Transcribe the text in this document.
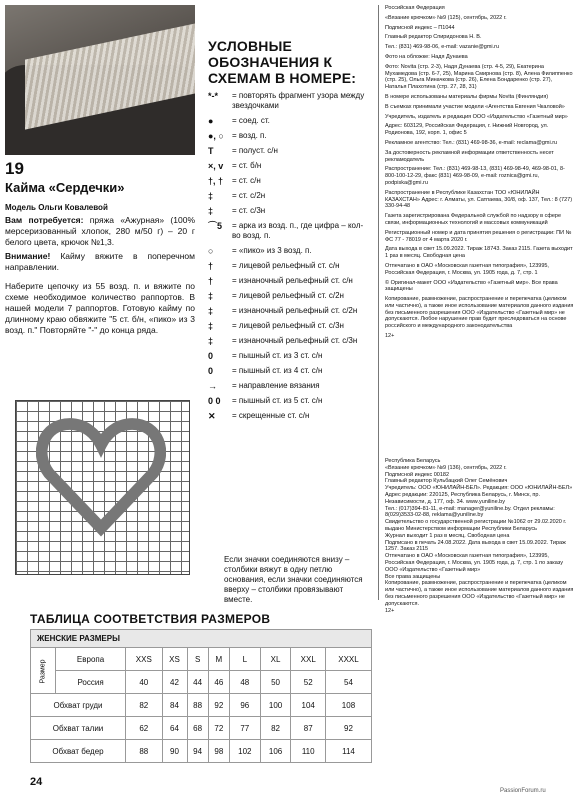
19
Кайма «Сердечки»
Модель Ольги Ковалевой
Вам потребуется: пряжа «Ажурная» (100% мерсеризованный хлопок, 280 м/50 г) – 20 г белого цвета, крючок №1,3.
Внимание! Кайму вяжите в поперечном направлении.
Наберите цепочку из 55 возд. п. и вяжите по схеме необходимое количество раппортов. В нашей модели 7 раппортов. Готовую кайму по длинному краю обвяжите "5 ст. б/н, «пико» из 3 возд. п." Повторяйте "-" до конца ряда.
УСЛОВНЫЕ ОБОЗНАЧЕНИЯ К СХЕМАМ В НОМЕРЕ:
*-*	= повторять фрагмент узора между звездочками
●	= соед. ст.
●, ○	= возд. п.
T	= полуст. с/н
×, v	= ст. б/н
†, †	= ст. с/н
‡	= ст. с/2н
‡	= ст. с/3н
⌒5	= арка из возд. п., где цифра – кол-во возд. п.
○	= «пико» из 3 возд. п.
†	= лицевой рельефный ст. с/н
†	= изнаночный рельефный ст. с/н
‡	= лицевой рельефный ст. с/2н
‡	= изнаночный рельефный ст. с/2н
‡	= лицевой рельефный ст. с/3н
‡	= изнаночный рельефный ст. с/3н
0	= пышный ст. из 3 ст. с/н
0	= пышный ст. из 4 ст. с/н
→	= направление вязания
0 0	= пышный ст. из 5 ст. с/н
✕	= скрещенные ст. с/н
Если значки соединяются внизу – столбики вяжут в одну петлю основания, если значки соединяются вверху – столбики провязывают вместе.
Российская Федерация
«Вязание крючком» №9 (125), сентябрь, 2022 г.
Подписной индекс – П1044
Главный редактор Спиридонова Н. В.
Тел.: (831) 469-98-06, e-mail: vazanie@gmi.ru
Фото на обложке: Надя Дунаева
Фото: Novita (стр. 2-3), Надя Дунаева (стр. 4-5, 29), Екатерина Мухамедова (стр. 6-7, 25), Марина Смирнова (стр. 8), Алена Филиппенко (стр. 25), Ольга Миначкова (стр. 26), Елена Бондаренко (стр. 27), Наталья Плахотина (стр. 27, 28, 31)
В номере использованы материалы фирмы Novita (Финляндия)
В съемках принимали участие модели «Агентства Евгения Чкаловой»
Учредитель, издатель и редакция ООО «Издательство «Газетный мир»
Адрес: 603129, Российская Федерация, г. Нижний Новгород, ул. Родионова, 192, корп. 1, офис 5
Рекламное агентство: Тел.: (831) 469-98-36, e-mail: reclama@gmi.ru
За достоверность рекламной информации ответственность несет рекламодатель
Распространение: Тел.: (831) 469-98-13, (831) 469-98-49, 469-98-01, 8-800-100-12-29, факс (831) 469-98-09, e-mail: roznica@gmi.ru, podpiska@gmi.ru
Распространение в Республике Казахстан ТОО «ЮНИЛАЙН КАЗАХСТАН» Адрес: г. Алматы, ул. Сатпаева, 30/8, оф. 137, Тел.: 8 (727) 330-94-48
Газета зарегистрирована Федеральной службой по надзору в сфере связи, информационных технологий и массовых коммуникаций
Регистрационный номер и дата принятия решения о регистрации: ПИ № ФС 77 - 78019 от 4 марта 2020 г.
Дата выхода в свет 15.09.2022. Тираж 18743. Заказ 2115. Газета выходит 1 раз в месяц. Свободная цена
Отпечатано в ОАО «Московская газетная типография», 123995, Российская Федерация, г. Москва, ул. 1905 года, д. 7, стр. 1
© Оригинал-макет ООО «Издательство «Газетный мир». Все права защищены
Копирование, размножение, распространение и перепечатка (целиком или частично), а также иное использование материалов данного издания без письменного разрешения ООО «Издательство «Газетный мир» не допускаются. Любое нарушение прав будет преследоваться на основе российского и международного законодательства
12+
Республика Беларусь
«Вязание крючком» №9 (136), сентябрь, 2022 г.
Подписной индекс 00182
Главный редактор Кульбацкий Олег Семёнович
Учредитель: ООО «ЮНИЛАЙН-БЕЛ». Редакция: ООО «ЮНИЛАЙН-БЕЛ»
Адрес редакции: 220125, Республика Беларусь, г. Минск, пр. Независимости, д. 177, оф. 34. www.yunilinе.by
Тел.: (017)394-81-11, e-mail: manager@yunilinе.by. Отдел рекламы: 8(029)3533-02-88, reklama@yunilinе.by
Свидетельство о государственной регистрации №1062 от 29.02.2020 г. выдано Министерством информации Республики Беларусь
Журнал выходит 1 раз в месяц. Свободная цена
Подписано в печать 24.08.2022. Дата выхода в свет 15.09.2022. Тираж 1257. Заказ 2115
Отпечатано в ОАО «Московская газетная типография», 123995, Российская Федерация, г. Москва, ул. 1905 года, д. 7, стр. 1 по заказу ООО «Издательство «Газетный мир»
Все права защищены
Копирование, размножение, распространение и перепечатка (целиком или частично), а также иное использование материалов данного издания без письменного разрешения ООО «Издательство «Газетный мир» не допускаются.
12+
ТАБЛИЦА СООТВЕТСТВИЯ РАЗМЕРОВ
ЖЕНСКИЕ РАЗМЕРЫ									
Размер	Европа	XXS	XS	S	M	L	XL	XXL	XXXL
	Россия	40	42	44	46	48	50	52	54
Обхват груди		82	84	88	92	96	100	104	108
Обхват талии		62	64	68	72	77	82	87	92
Обхват бедер		88	90	94	98	102	106	110	114
24
PassionForum.ru
